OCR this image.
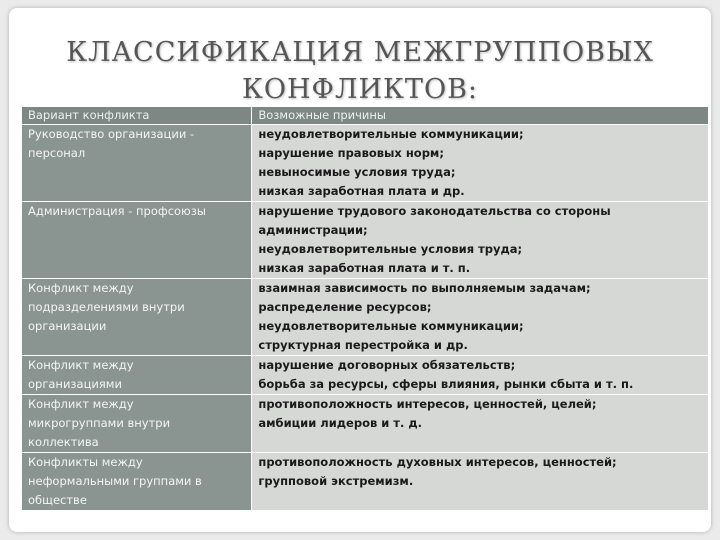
КЛАССИФИКАЦИЯ МЕЖГРУППОВЫХ
КОНФЛИКТОВ:
Вариант конфликта	Возможные причины

Руководство организации -
персонал	неудовлетворительные коммуникации;
нарушение правовых норм;
невыносимые условия труда;
низкая заработная плата и др.

Администрация - профсоюзы	нарушение трудового законодательства со стороны
администрации;
неудовлетворительные условия труда;
низкая заработная плата и т. п.

Конфликт между
подразделениями внутри
организации	взаимная зависимость по выполняемым задачам;
распределение ресурсов;
неудовлетворительные коммуникации;
структурная перестройка и др.

Конфликт между
организациями	нарушение договорных обязательств;
борьба за ресурсы, сферы влияния, рынки сбыта и т. п.

Конфликт между
микрогруппами внутри
коллектива	противоположность интересов, ценностей, целей;
амбиции лидеров и т. д.

Конфликты между
неформальными группами в
обществе	противоположность духовных интересов, ценностей;
групповой экстремизм.
